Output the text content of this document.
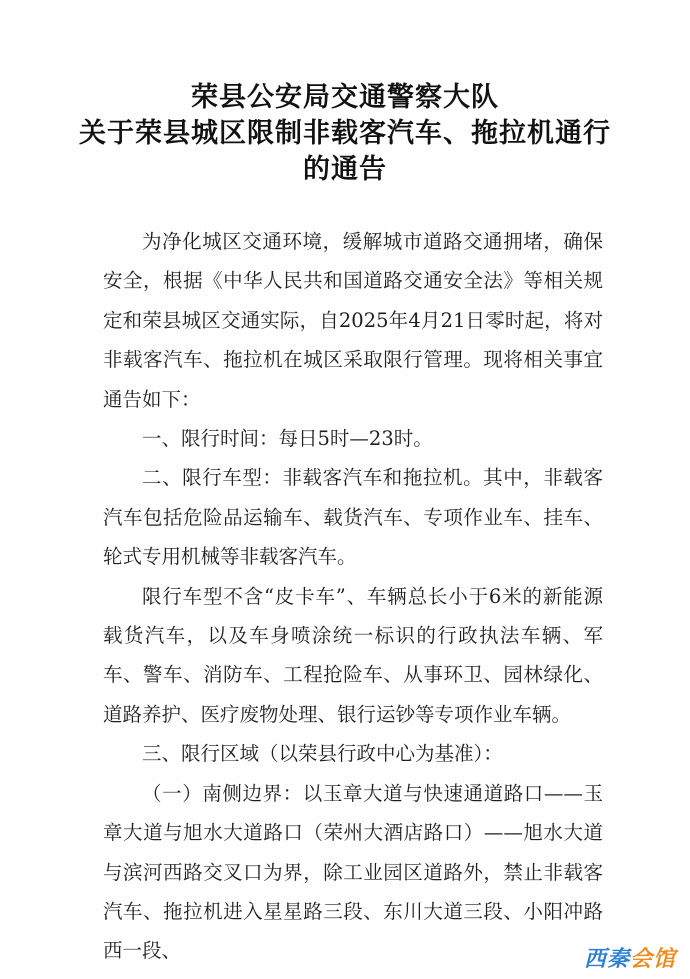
荣县公安局交通警察大队
关于荣县城区限制非载客汽车、拖拉机通行
的通告

为净化城区交通环境，缓解城市道路交通拥堵，确保安全，根据《中华人民共和国道路交通安全法》等相关规定和荣县城区交通实际，自2025年4月21日零时起，将对非载客汽车、拖拉机在城区采取限行管理。现将相关事宜通告如下：

一、限行时间：每日5时—23时。

二、限行车型：非载客汽车和拖拉机。其中，非载客汽车包括危险品运输车、载货汽车、专项作业车、挂车、轮式专用机械等非载客汽车。

限行车型不含“皮卡车”、车辆总长小于6米的新能源载货汽车，以及车身喷涂统一标识的行政执法车辆、军车、警车、消防车、工程抢险车、从事环卫、园林绿化、道路养护、医疗废物处理、银行运钞等专项作业车辆。

三、限行区域（以荣县行政中心为基准）：

（一）南侧边界：以玉章大道与快速通道路口——玉章大道与旭水大道路口（荣州大酒店路口）——旭水大道与滨河西路交叉口为界，除工业园区道路外，禁止非载客汽车、拖拉机进入星星路三段、东川大道三段、小阳冲路西一段、	西秦 会馆
